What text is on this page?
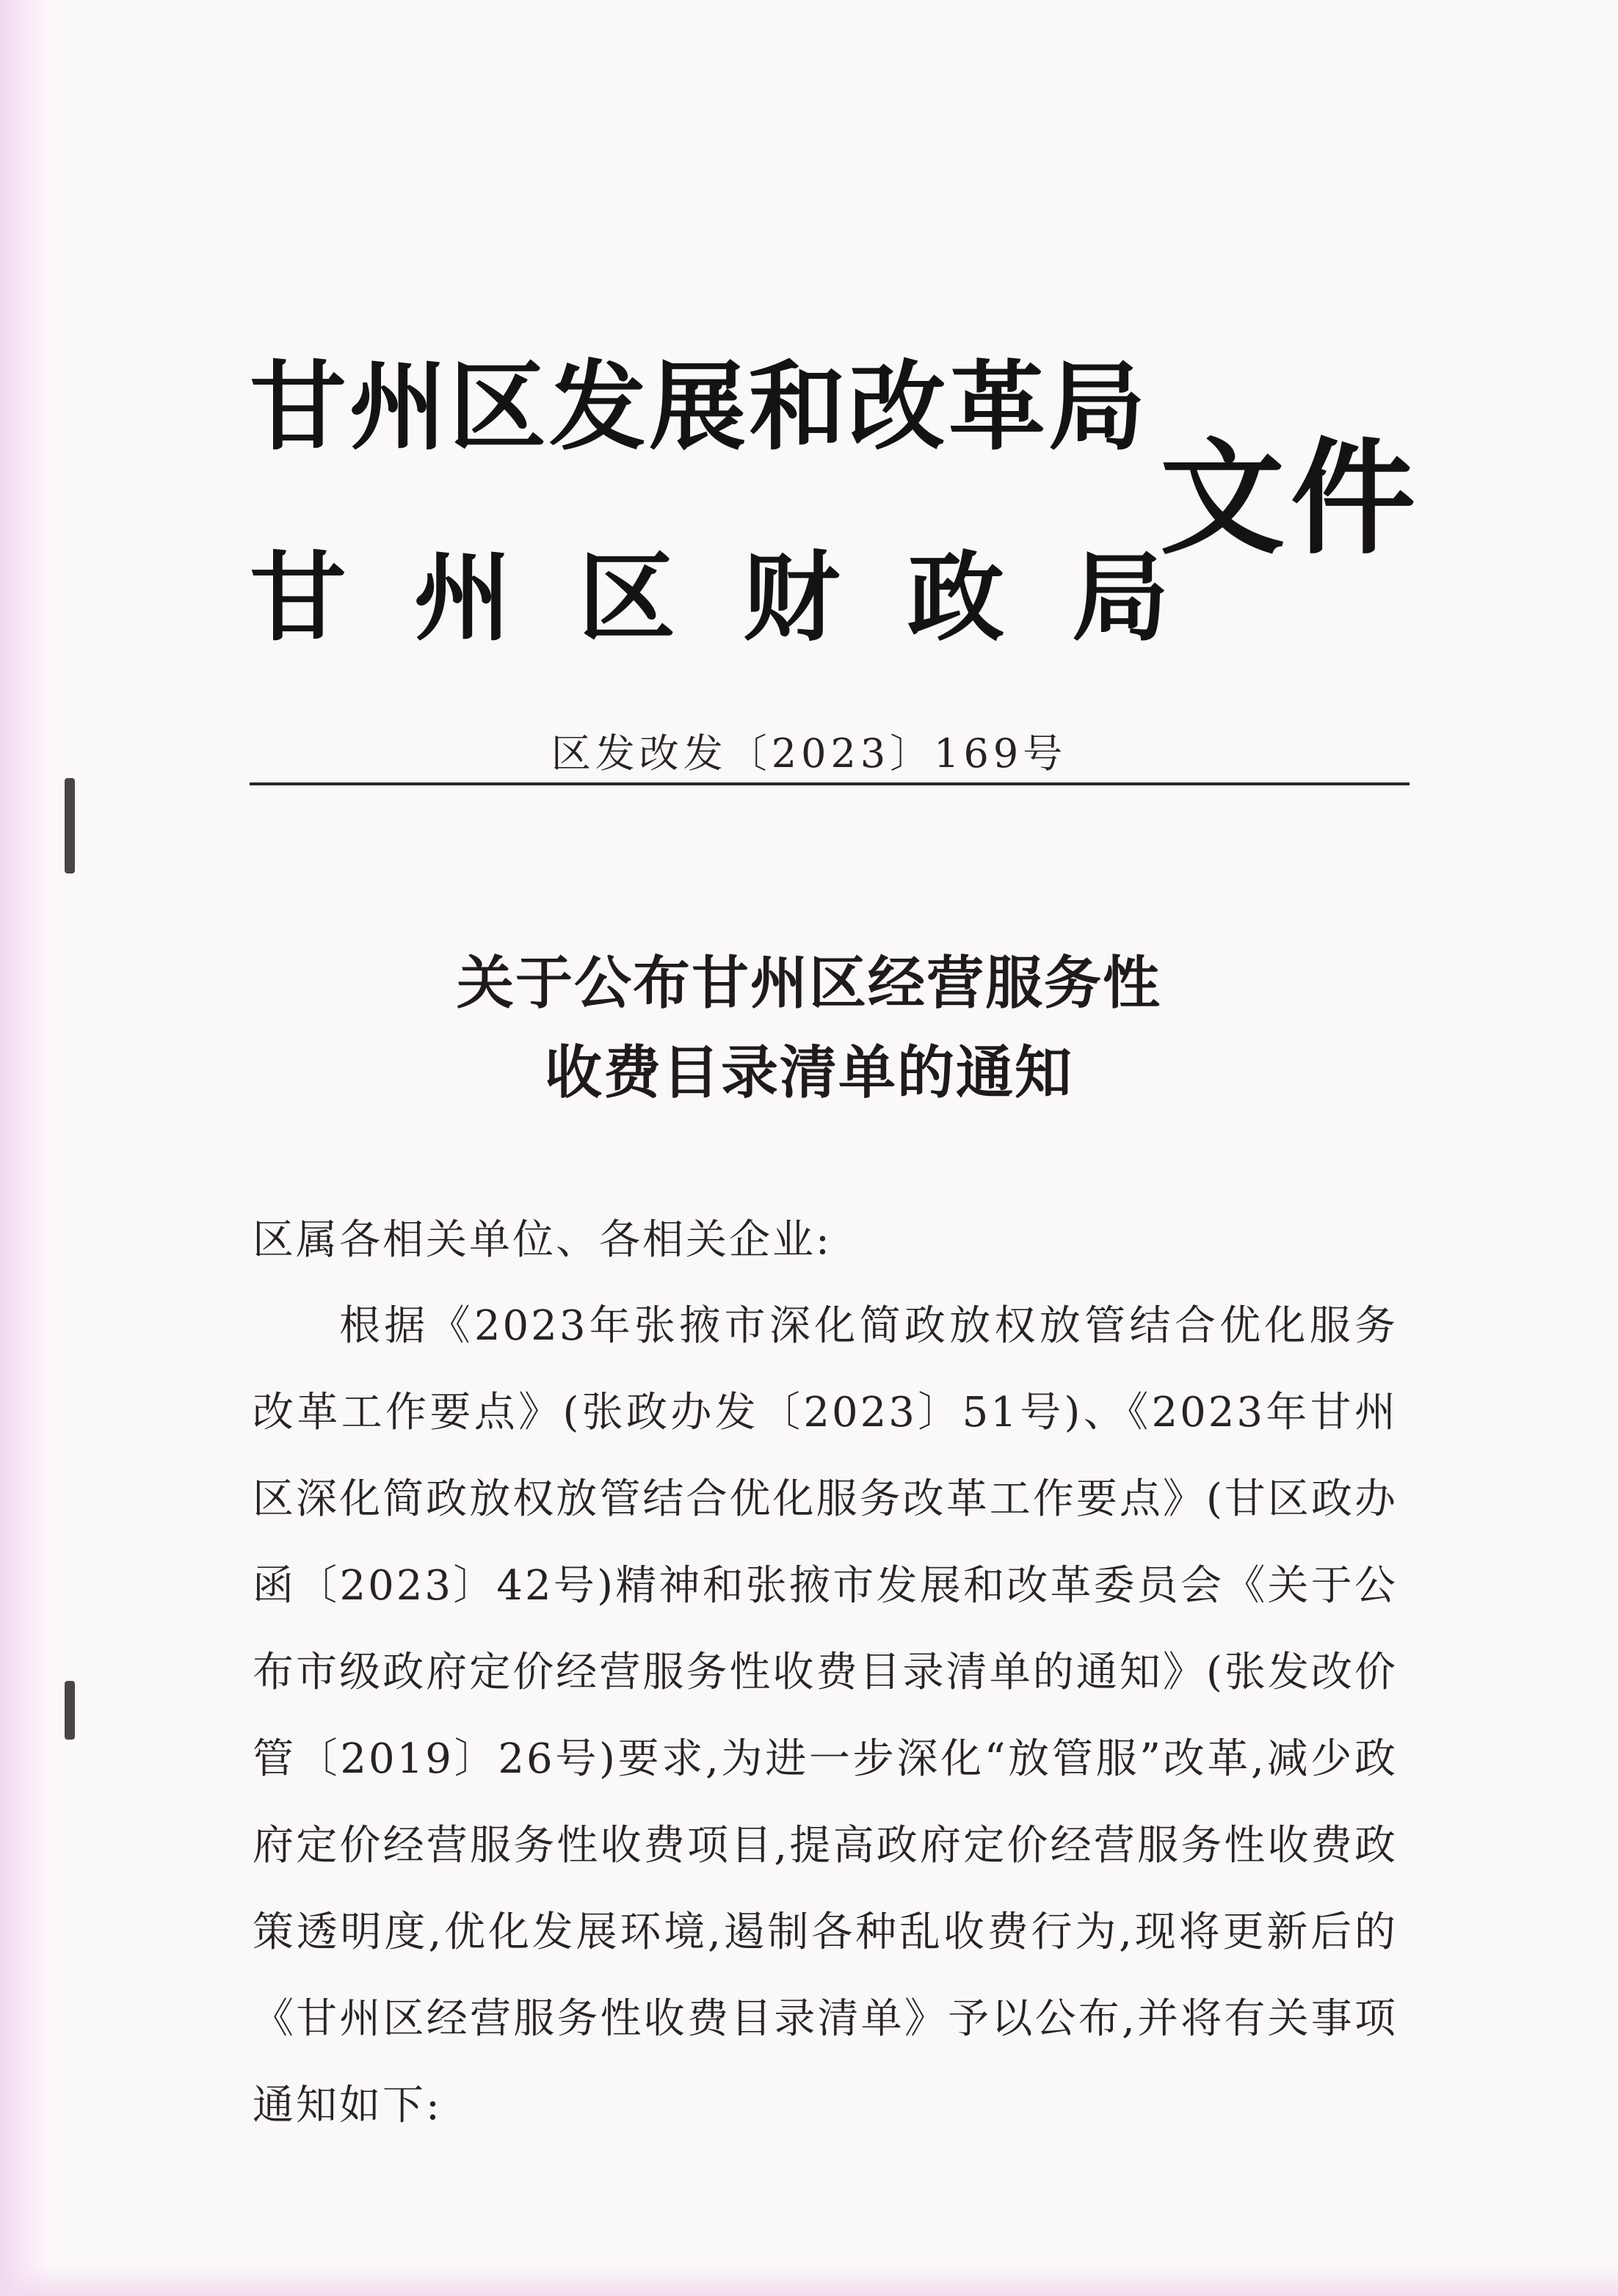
甘州区发展和改革局
甘州区财政局
文件
区发改发〔2023〕169号
关于公布甘州区经营服务性
收费目录清单的通知
区属各相关单位、各相关企业:

根据《2023年张掖市深化简政放权放管结合优化服务改革工作要点》(张政办发〔2023〕51号)、《2023年甘州区深化简政放权放管结合优化服务改革工作要点》(甘区政办函〔2023〕42号)精神和张掖市发展和改革委员会《关于公布市级政府定价经营服务性收费目录清单的通知》(张发改价管〔2019〕26号)要求,为进一步深化“放管服”改革,减少政府定价经营服务性收费项目,提高政府定价经营服务性收费政策透明度,优化发展环境,遏制各种乱收费行为,现将更新后的《甘州区经营服务性收费目录清单》予以公布,并将有关事项通知如下:
